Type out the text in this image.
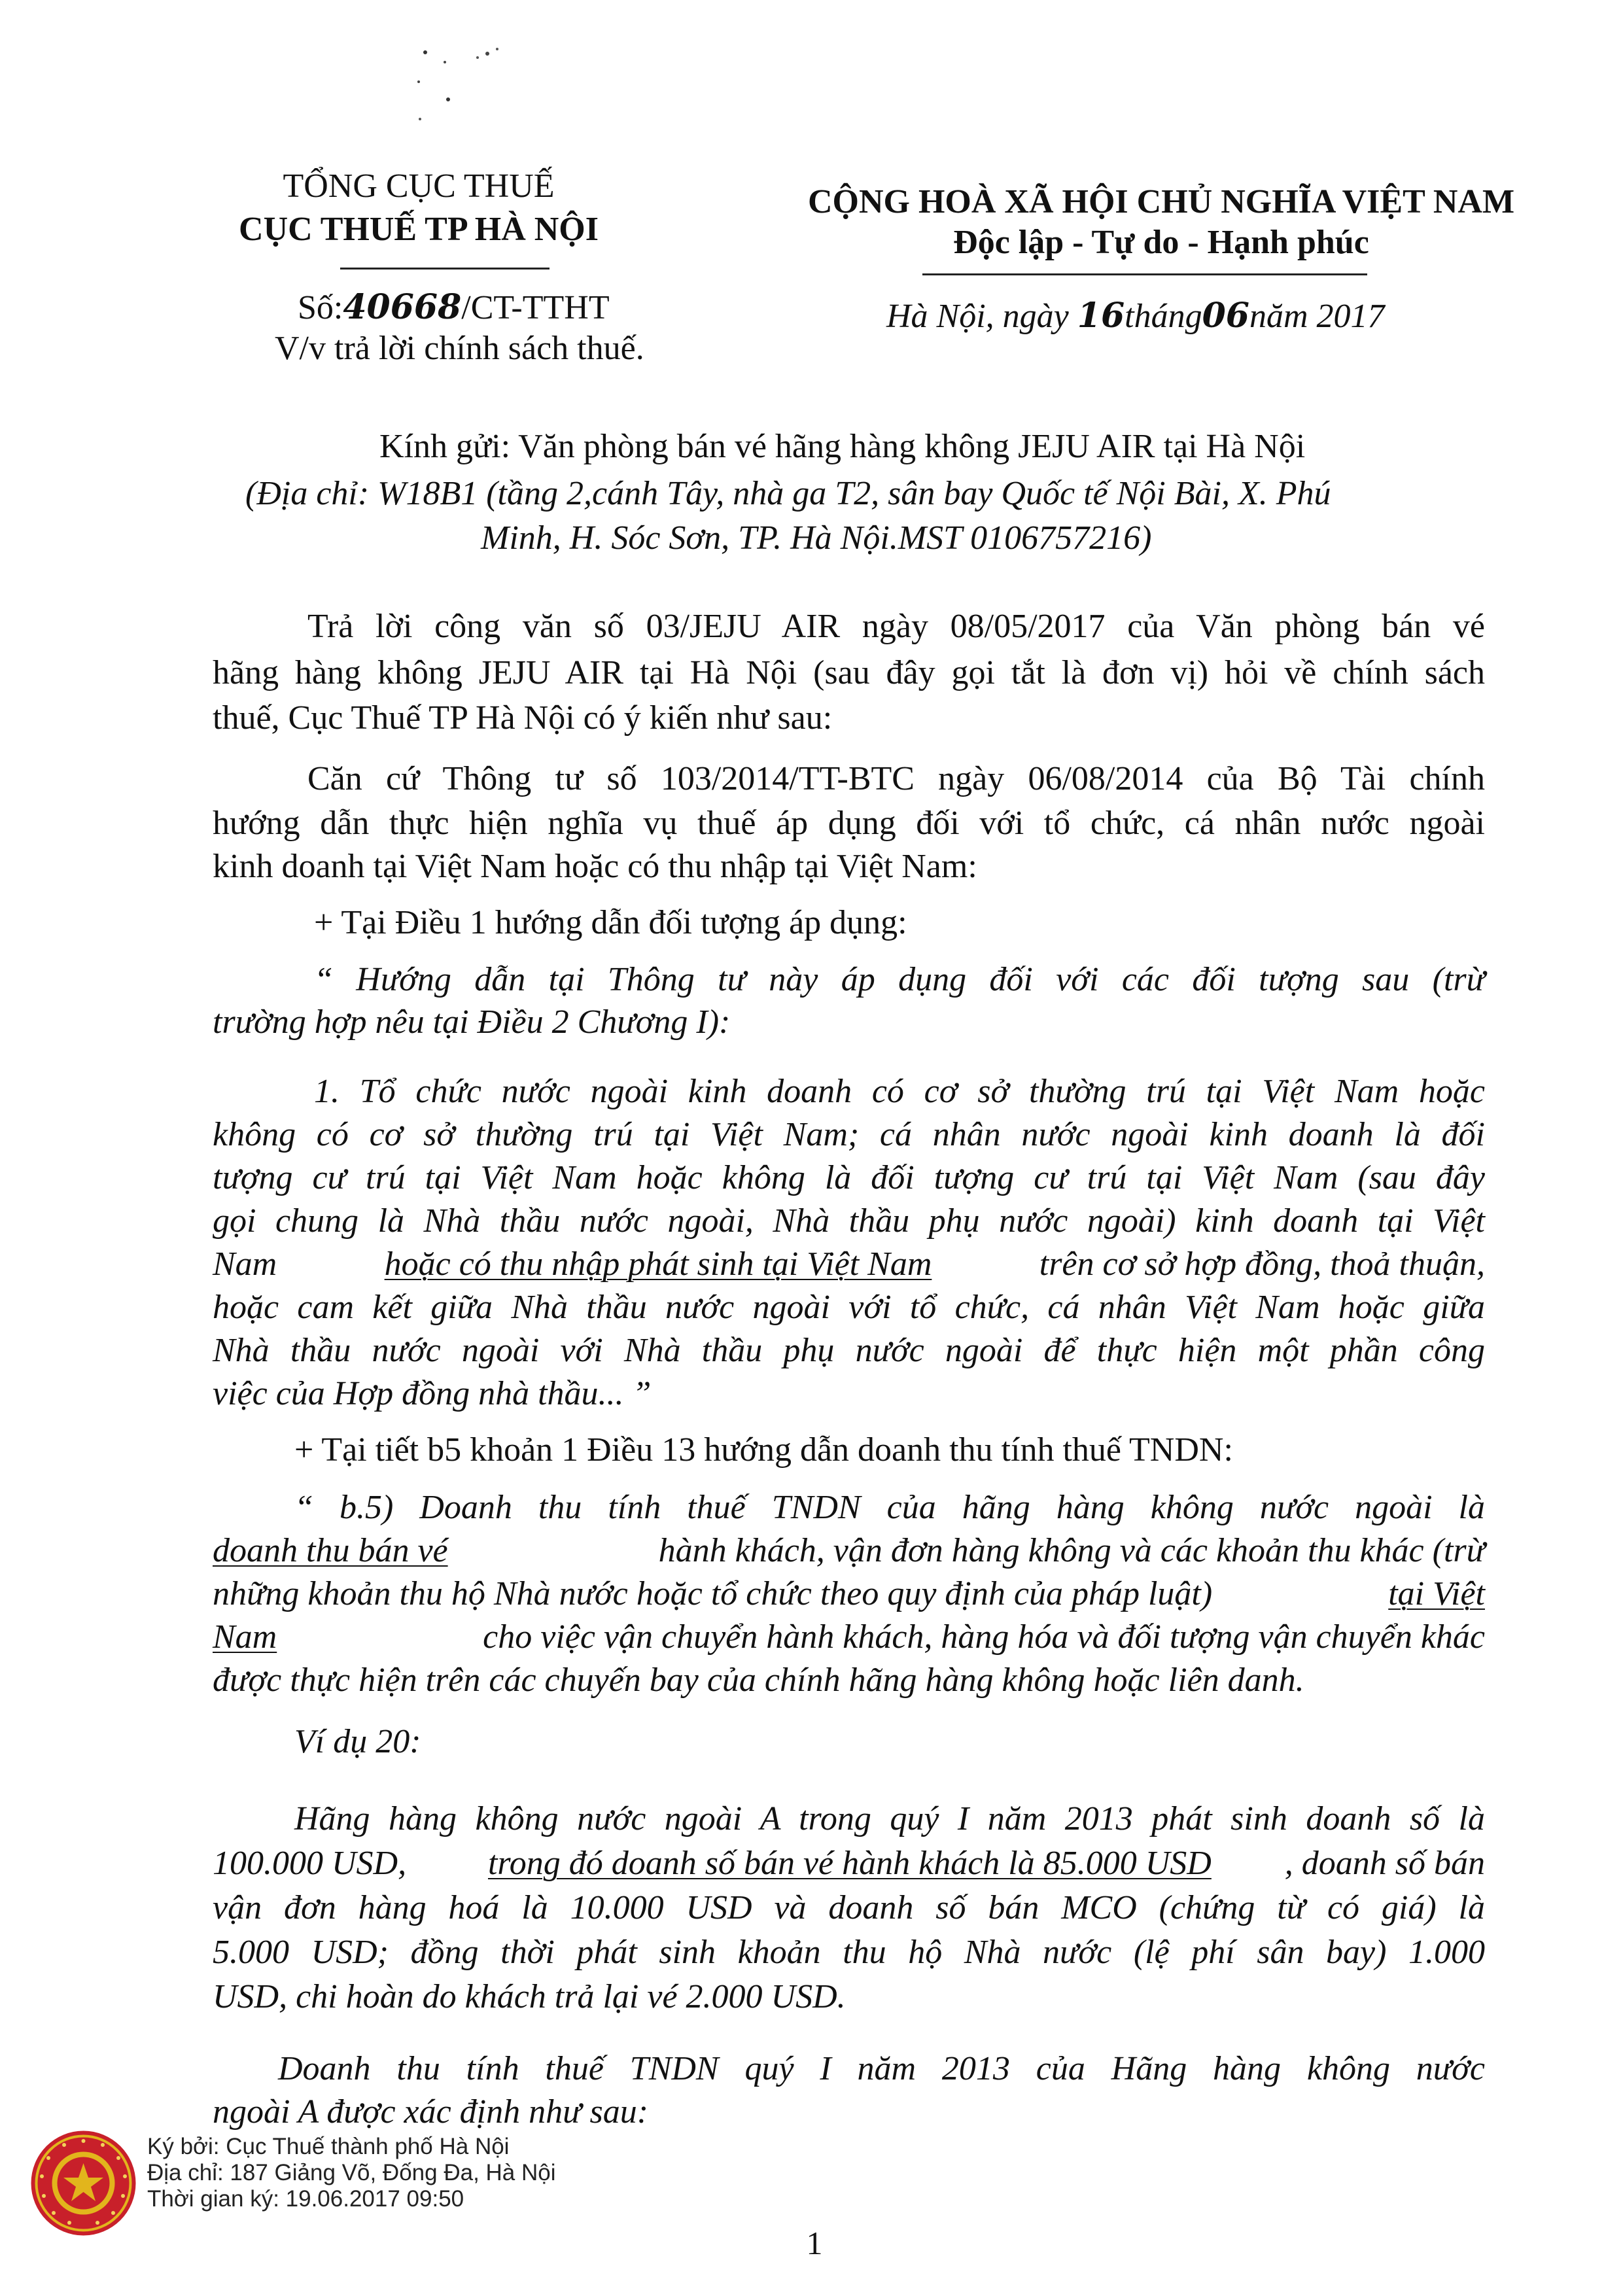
TỔNG CỤC THUẾ
CỤC THUẾ TP HÀ NỘI
Số:40668/CT-TTHT
V/v trả lời chính sách thuế.
CỘNG HOÀ XÃ HỘI CHỦ NGHĨA VIỆT NAM
Độc lập - Tự do - Hạnh phúc
Hà Nội, ngày 16tháng06năm 2017
Kính gửi: Văn phòng bán vé hãng hàng không JEJU AIR tại Hà Nội
(Địa chỉ: W18B1 (tầng 2,cánh Tây, nhà ga T2, sân bay Quốc tế Nội Bài, X. Phú
Minh, H. Sóc Sơn, TP. Hà Nội.MST 0106757216)
Trả lời công văn số 03/JEJU AIR ngày 08/05/2017 của Văn phòng bán vé
hãng hàng không JEJU AIR tại Hà Nội (sau đây gọi tắt là đơn vị) hỏi về chính sách
thuế, Cục Thuế TP Hà Nội có ý kiến như sau:
Căn cứ Thông tư số 103/2014/TT-BTC ngày 06/08/2014 của Bộ Tài chính
hướng dẫn thực hiện nghĩa vụ thuế áp dụng đối với tổ chức, cá nhân nước ngoài
kinh doanh tại Việt Nam hoặc có thu nhập tại Việt Nam:
+ Tại Điều 1 hướng dẫn đối tượng áp dụng:
“ Hướng dẫn tại Thông tư này áp dụng đối với các đối tượng sau (trừ
trường hợp nêu tại Điều 2 Chương I):
1. Tổ chức nước ngoài kinh doanh có cơ sở thường trú tại Việt Nam hoặc
không có cơ sở thường trú tại Việt Nam; cá nhân nước ngoài kinh doanh là đối
tượng cư trú tại Việt Nam hoặc không là đối tượng cư trú tại Việt Nam (sau đây
gọi chung là Nhà thầu nước ngoài, Nhà thầu phụ nước ngoài) kinh doanh tại Việt
Nam	hoặc có thu nhập phát sinh tại Việt Nam	trên cơ sở hợp đồng, thoả thuận,
hoặc cam kết giữa Nhà thầu nước ngoài với tổ chức, cá nhân Việt Nam hoặc giữa
Nhà thầu nước ngoài với Nhà thầu phụ nước ngoài để thực hiện một phần công
việc của Hợp đồng nhà thầu... ”
+ Tại tiết b5 khoản 1 Điều 13 hướng dẫn doanh thu tính thuế TNDN:
“ b.5) Doanh thu tính thuế TNDN của hãng hàng không nước ngoài là
doanh thu bán vé	hành khách, vận đơn hàng không và các khoản thu khác (trừ
những khoản thu hộ Nhà nước hoặc tổ chức theo quy định của pháp luật)	tại Việt
Nam	cho việc vận chuyển hành khách, hàng hóa và đối tượng vận chuyển khác
được thực hiện trên các chuyến bay của chính hãng hàng không hoặc liên danh.
Ví dụ 20:
Hãng hàng không nước ngoài A trong quý I năm 2013 phát sinh doanh số là
100.000 USD, trong đó doanh số bán vé hành khách là 85.000 USD , doanh số bán
vận đơn hàng hoá là 10.000 USD và doanh số bán MCO (chứng từ có giá) là
5.000 USD; đồng thời phát sinh khoản thu hộ Nhà nước (lệ phí sân bay) 1.000
USD, chi hoàn do khách trả lại vé 2.000 USD.
Doanh thu tính thuế TNDN quý I năm 2013 của Hãng hàng không nước
ngoài A được xác định như sau:
Ký bởi: Cục Thuế thành phố Hà Nội
Địa chỉ: 187 Giảng Võ, Đống Đa, Hà Nội
Thời gian ký: 19.06.2017 09:50
1
